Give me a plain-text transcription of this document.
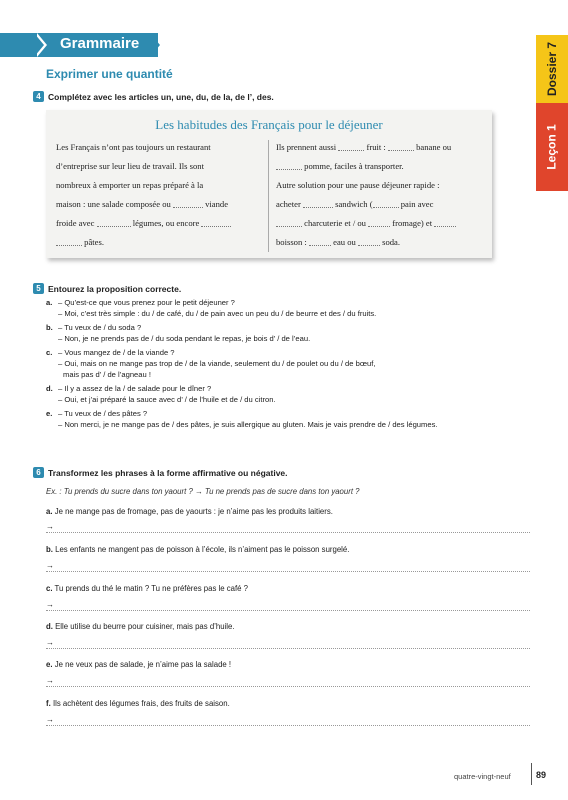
Grammaire	Dossier 7
Leçon 1
Exprimer une quantité
4 Complétez avec les articles un, une, du, de la, de l’, des.
Les habitudes des Français pour le déjeuner
Les Français n’ont pas toujours un restaurant
d’entreprise sur leur lieu de travail. Ils sont
nombreux à emporter un repas préparé à la
maison : une salade composée ou	viande
froide avec	légumes, ou encore
pâtes.
Ils prennent aussi	fruit :	banane ou
pomme, faciles à transporter.
Autre solution pour une pause déjeuner rapide :
acheter	sandwich (	pain avec
charcuterie et / ou	fromage) et
boisson :	eau ou	soda.
5 Entourez la proposition correcte.
a. – Qu’est-ce que vous prenez pour le petit déjeuner ?
– Moi, c’est très simple : du / de café, du / de pain avec un peu du / de beurre et des / du fruits.
b. – Tu veux de / du soda ?
– Non, je ne prends pas de / du soda pendant le repas, je bois d’ / de l’eau.
c. – Vous mangez de / de la viande ?
– Oui, mais on ne mange pas trop de / de la viande, seulement du / de poulet ou du / de bœuf,
mais pas d’ / de l’agneau !
d. – Il y a assez de la / de salade pour le dîner ?
– Oui, et j’ai préparé la sauce avec d’ / de l’huile et de / du citron.
e. – Tu veux de / des pâtes ?
– Non merci, je ne mange pas de / des pâtes, je suis allergique au gluten. Mais je vais prendre de / des légumes.
6 Transformez les phrases à la forme affirmative ou négative.
Ex. : Tu prends du sucre dans ton yaourt ? → Tu ne prends pas de sucre dans ton yaourt ?
a. Je ne mange pas de fromage, pas de yaourts : je n’aime pas les produits laitiers.
→
b. Les enfants ne mangent pas de poisson à l’école, ils n’aiment pas le poisson surgelé.
→
c. Tu prends du thé le matin ? Tu ne préfères pas le café ?
→
d. Elle utilise du beurre pour cuisiner, mais pas d’huile.
→
e. Je ne veux pas de salade, je n’aime pas la salade !
→
f. Ils achètent des légumes frais, des fruits de saison.
→
quatre-vingt-neuf	89
